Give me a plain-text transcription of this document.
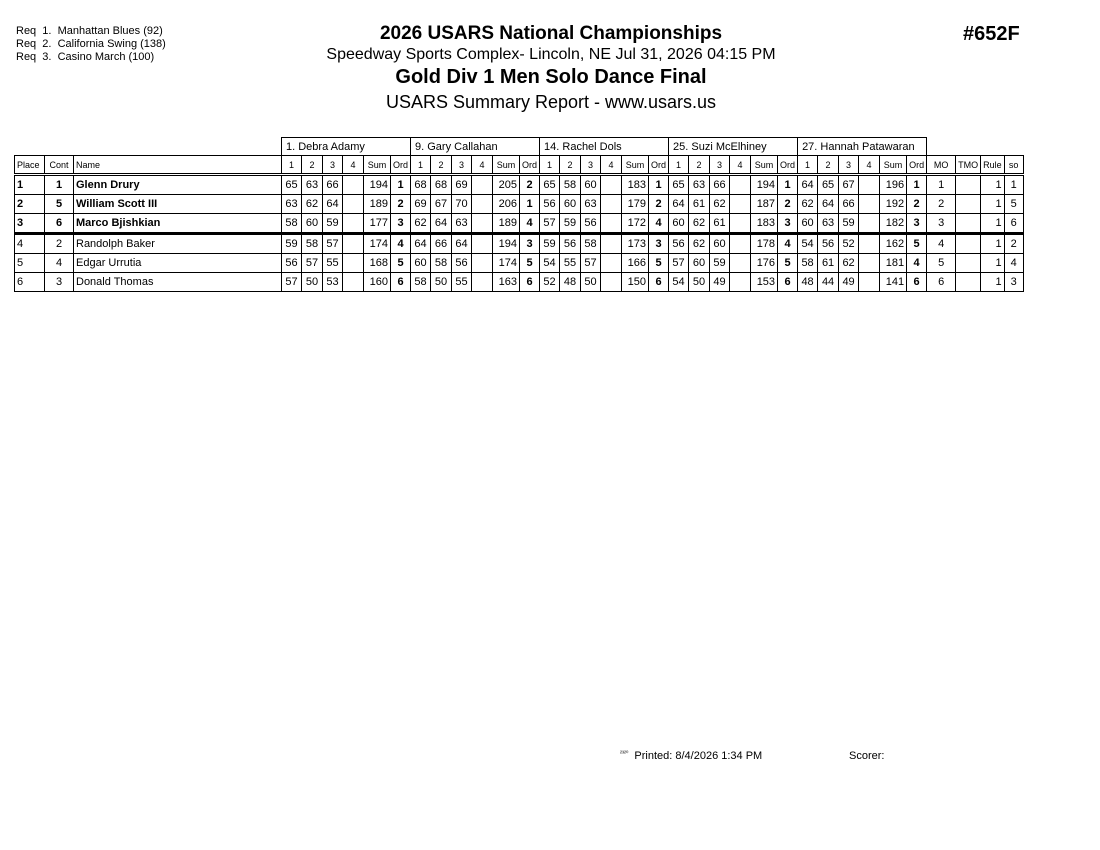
Req  1.  Manhattan Blues (92)
Req  2.  California Swing (138)
Req  3.  Casino March (100)
2026 USARS National Championships
Speedway Sports Complex- Lincoln, NE Jul 31, 2026 04:15 PM
Gold Div 1 Men Solo Dance Final
USARS Summary Report - www.usars.us
#652F
			1. Debra Adamy						9. Gary Callahan						14. Rachel Dols						25. Suzi McElhiney						27. Hannah Patawaran									
Place	Cont	Name	1	2	3	4	Sum	Ord	1	2	3	4	Sum	Ord	1	2	3	4	Sum	Ord	1	2	3	4	Sum	Ord	1	2	3	4	Sum	Ord	MO	TMO	Rule	so
1	1	Glenn Drury	65	63	66		194	1	68	68	69		205	2	65	58	60		183	1	65	63	66		194	1	64	65	67		196	1	1		1	1
2	5	William Scott III	63	62	64		189	2	69	67	70		206	1	56	60	63		179	2	64	61	62		187	2	62	64	66		192	2	2		1	5
3	6	Marco Bjishkian	58	60	59		177	3	62	64	63		189	4	57	59	56		172	4	60	62	61		183	3	60	63	59		182	3	3		1	6
4	2	Randolph Baker	59	58	57		174	4	64	66	64		194	3	59	56	58		173	3	56	62	60		178	4	54	56	52		162	5	4		1	2
5	4	Edgar Urrutia	56	57	55		168	5	60	58	56		174	5	54	55	57		166	5	57	60	59		176	5	58	61	62		181	4	5		1	4
6	3	Donald Thomas	57	50	53		160	6	58	50	55		163	6	52	48	50		150	6	54	50	49		153	6	48	44	49		141	6	6		1	3
$^{^{2320}}$ Printed: 8/4/2026 1:34 PM	Scorer:
